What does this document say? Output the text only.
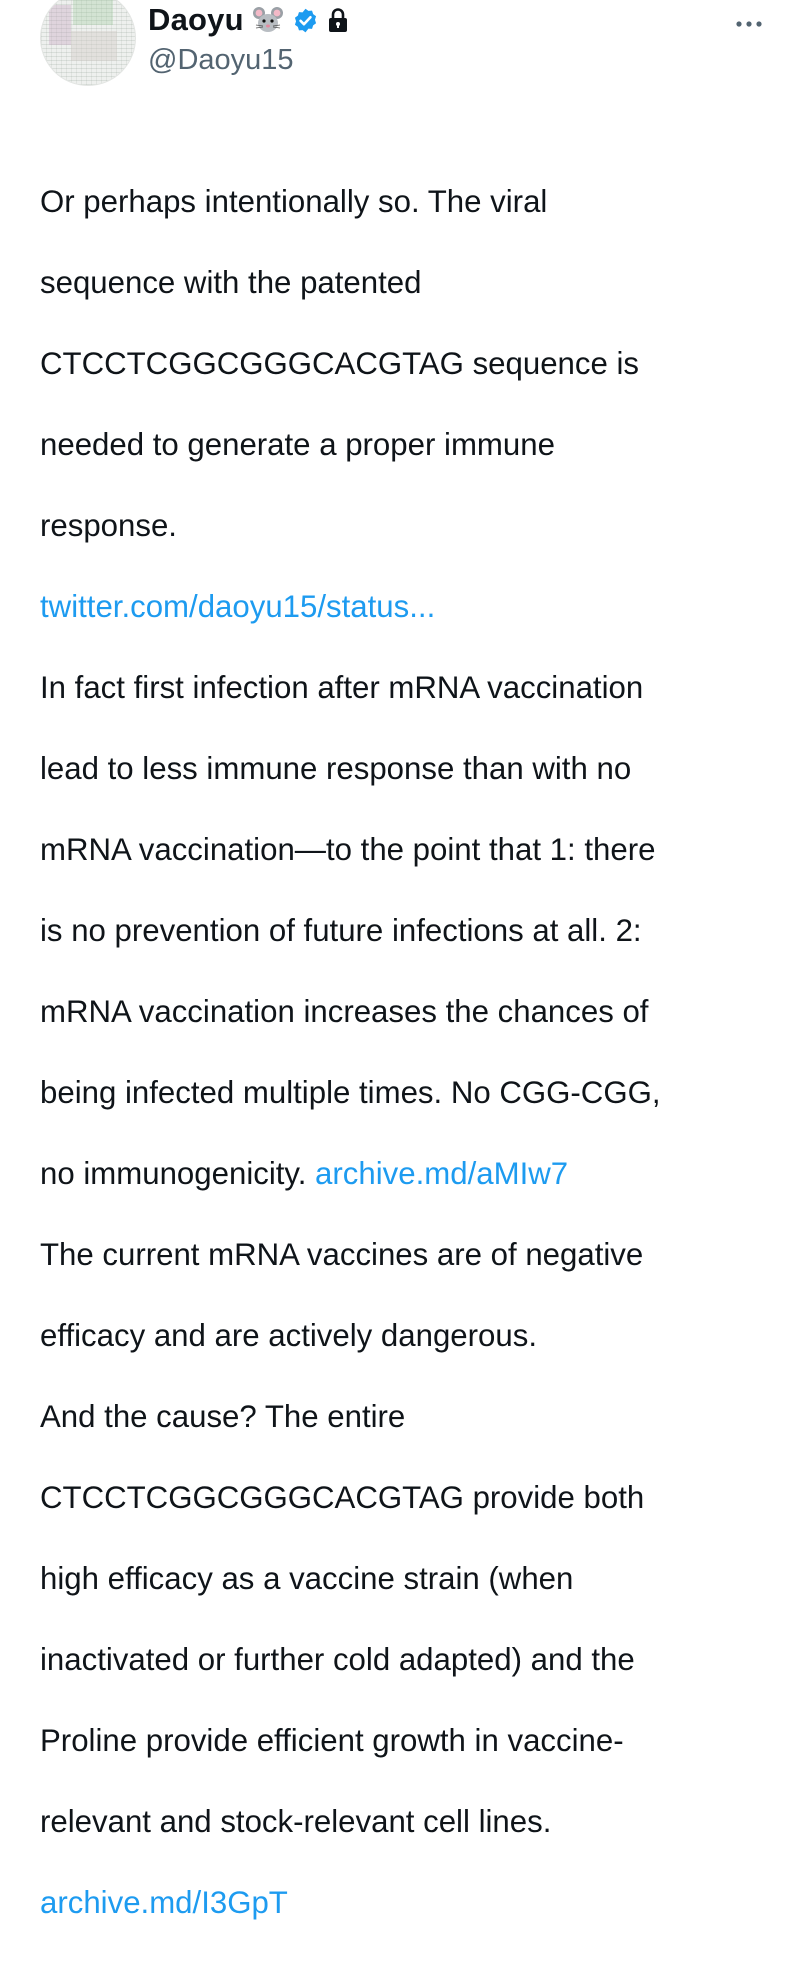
Daoyu
@Daoyu15

Or perhaps intentionally so. The viral

sequence with the patented

CTCCTCGGCGGGCACGTAG sequence is

needed to generate a proper immune

response.

twitter.com/daoyu15/status...

In fact first infection after mRNA vaccination

lead to less immune response than with no

mRNA vaccination—to the point that 1: there

is no prevention of future infections at all. 2:

mRNA vaccination increases the chances of

being infected multiple times. No CGG-CGG,

no immunogenicity. archive.md/aMIw7

The current mRNA vaccines are of negative

efficacy and are actively dangerous.

And the cause? The entire

CTCCTCGGCGGGCACGTAG provide both

high efficacy as a vaccine strain (when

inactivated or further cold adapted) and the

Proline provide efficient growth in vaccine-

relevant and stock-relevant cell lines.

archive.md/I3GpT
